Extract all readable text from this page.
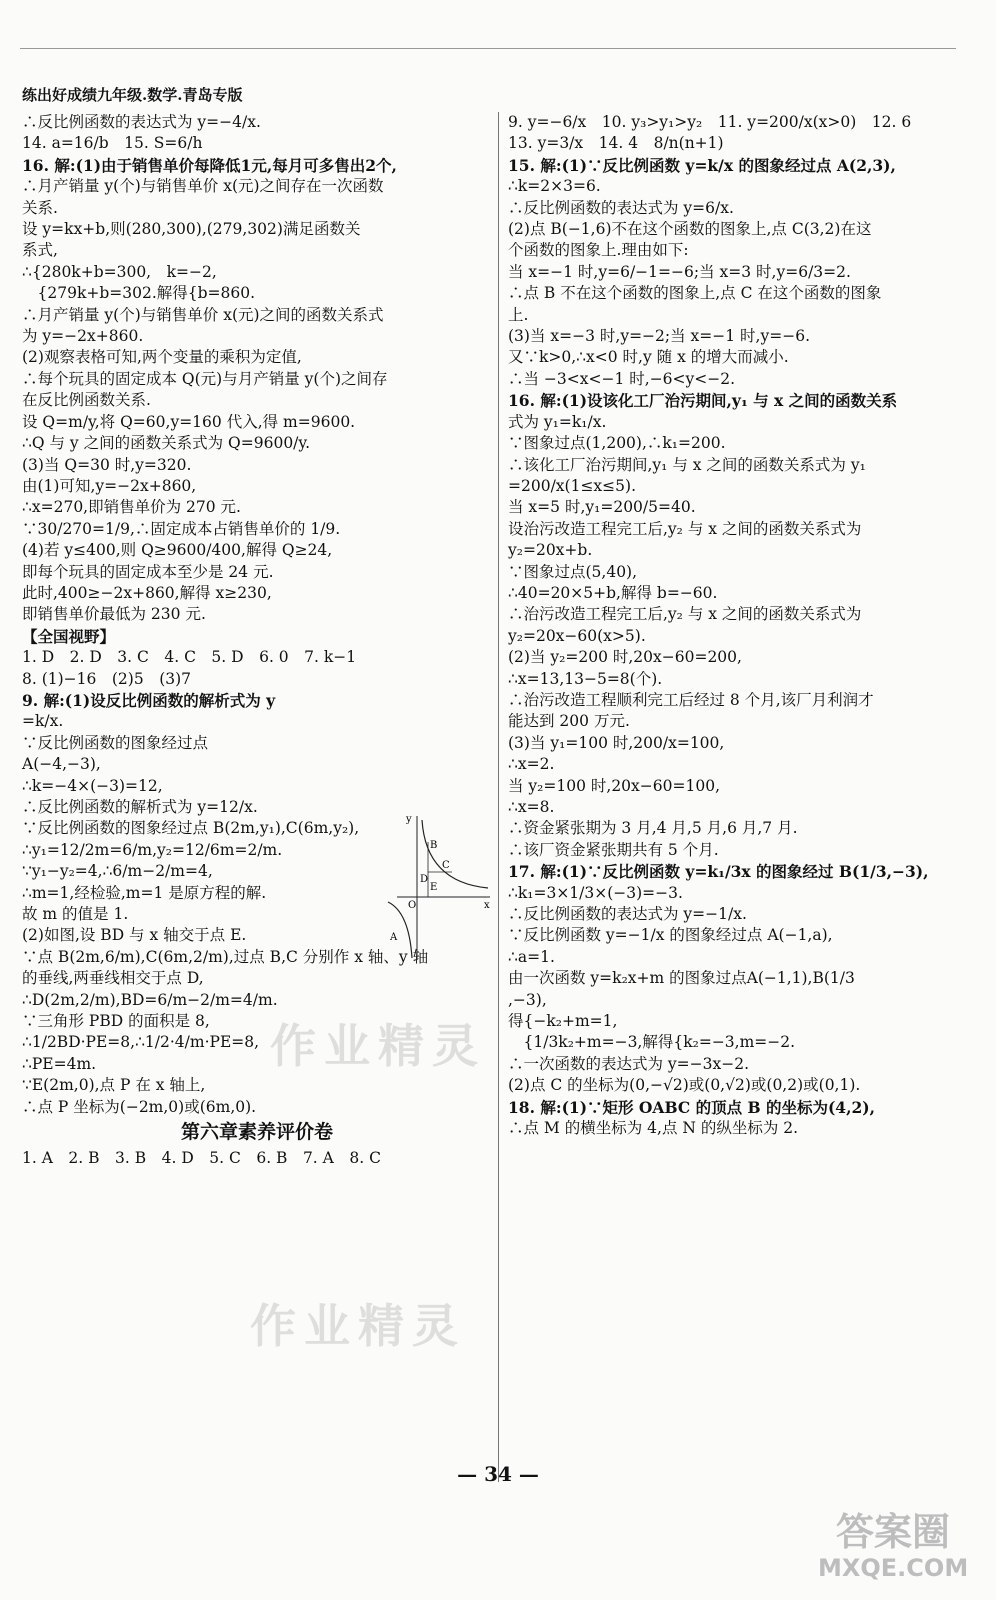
练出好成绩九年级.数学.青岛专版
∴反比例函数的表达式为 y=−4/x.
14. a=16/b　15. S=6/h
16. 解:(1)由于销售单价每降低1元,每月可多售出2个,
∴月产销量 y(个)与销售单价 x(元)之间存在一次函数
关系.
设 y=kx+b,则(280,300),(279,302)满足函数关
系式,
∴{280k+b=300,　k=−2,
　{279k+b=302.解得{b=860.
∴月产销量 y(个)与销售单价 x(元)之间的函数关系式
为 y=−2x+860.
(2)观察表格可知,两个变量的乘积为定值,
∴每个玩具的固定成本 Q(元)与月产销量 y(个)之间存
在反比例函数关系.
设 Q=m/y,将 Q=60,y=160 代入,得 m=9600.
∴Q 与 y 之间的函数关系式为 Q=9600/y.
(3)当 Q=30 时,y=320.
由(1)可知,y=−2x+860,
∴x=270,即销售单价为 270 元.
∵30/270=1/9,∴固定成本占销售单价的 1/9.
(4)若 y≤400,则 Q≥9600/400,解得 Q≥24,
即每个玩具的固定成本至少是 24 元.
此时,400≥−2x+860,解得 x≥230,
即销售单价最低为 230 元.
【全国视野】
1. D　2. D　3. C　4. C　5. D　6. 0　7. k−1
8. (1)−16　(2)5　(3)7
9. 解:(1)设反比例函数的解析式为 y
=k/x.
∵反比例函数的图象经过点
A(−4,−3),
∴k=−4×(−3)=12,
∴反比例函数的解析式为 y=12/x.
∵反比例函数的图象经过点 B(2m,y₁),C(6m,y₂),
∴y₁=12/2m=6/m,y₂=12/6m=2/m.
∵y₁−y₂=4,∴6/m−2/m=4,
∴m=1,经检验,m=1 是原方程的解.
故 m 的值是 1.
(2)如图,设 BD 与 x 轴交于点 E.
∵点 B(2m,6/m),C(6m,2/m),过点 B,C 分别作 x 轴、y 轴
的垂线,两垂线相交于点 D,
∴D(2m,2/m),BD=6/m−2/m=4/m.
∵三角形 PBD 的面积是 8,
∴1/2BD·PE=8,∴1/2·4/m·PE=8,
∴PE=4m.
∵E(2m,0),点 P 在 x 轴上,
∴点 P 坐标为(−2m,0)或(6m,0).
第六章素养评价卷
1. A　2. B　3. B　4. D　5. C　6. B　7. A　8. C
9. y=−6/x　10. y₃>y₁>y₂　11. y=200/x(x>0)　12. 6
13. y=3/x　14. 4　8/n(n+1)
15. 解:(1)∵反比例函数 y=k/x 的图象经过点 A(2,3),
∴k=2×3=6.
∴反比例函数的表达式为 y=6/x.
(2)点 B(−1,6)不在这个函数的图象上,点 C(3,2)在这
个函数的图象上.理由如下:
当 x=−1 时,y=6/−1=−6;当 x=3 时,y=6/3=2.
∴点 B 不在这个函数的图象上,点 C 在这个函数的图象
上.
(3)当 x=−3 时,y=−2;当 x=−1 时,y=−6.
又∵k>0,∴x<0 时,y 随 x 的增大而减小.
∴当 −3<x<−1 时,−6<y<−2.
16. 解:(1)设该化工厂治污期间,y₁ 与 x 之间的函数关系
式为 y₁=k₁/x.
∵图象过点(1,200),∴k₁=200.
∴该化工厂治污期间,y₁ 与 x 之间的函数关系式为 y₁
=200/x(1≤x≤5).
当 x=5 时,y₁=200/5=40.
设治污改造工程完工后,y₂ 与 x 之间的函数关系式为
y₂=20x+b.
∵图象过点(5,40),
∴40=20×5+b,解得 b=−60.
∴治污改造工程完工后,y₂ 与 x 之间的函数关系式为
y₂=20x−60(x>5).
(2)当 y₂=200 时,20x−60=200,
∴x=13,13−5=8(个).
∴治污改造工程顺利完工后经过 8 个月,该厂月利润才
能达到 200 万元.
(3)当 y₁=100 时,200/x=100,
∴x=2.
当 y₂=100 时,20x−60=100,
∴x=8.
∴资金紧张期为 3 月,4 月,5 月,6 月,7 月.
∴该厂资金紧张期共有 5 个月.
17. 解:(1)∵反比例函数 y=k₁/3x 的图象经过 B(1/3,−3),
∴k₁=3×1/3×(−3)=−3.
∴反比例函数的表达式为 y=−1/x.
∵反比例函数 y=−1/x 的图象经过点 A(−1,a),
∴a=1.
由一次函数 y=k₂x+m 的图象过点A(−1,1),B(1/3
,−3),
得{−k₂+m=1,
　{1/3k₂+m=−3,解得{k₂=−3,m=−2.
∴一次函数的表达式为 y=−3x−2.
(2)点 C 的坐标为(0,−√2)或(0,√2)或(0,2)或(0,1).
18. 解:(1)∵矩形 OABC 的顶点 B 的坐标为(4,2),
∴点 M 的横坐标为 4,点 N 的纵坐标为 2.
y
x
B
C
D
E
O
A
作业精灵
作业精灵
— 34 —
答案圈
MXQE.COM
